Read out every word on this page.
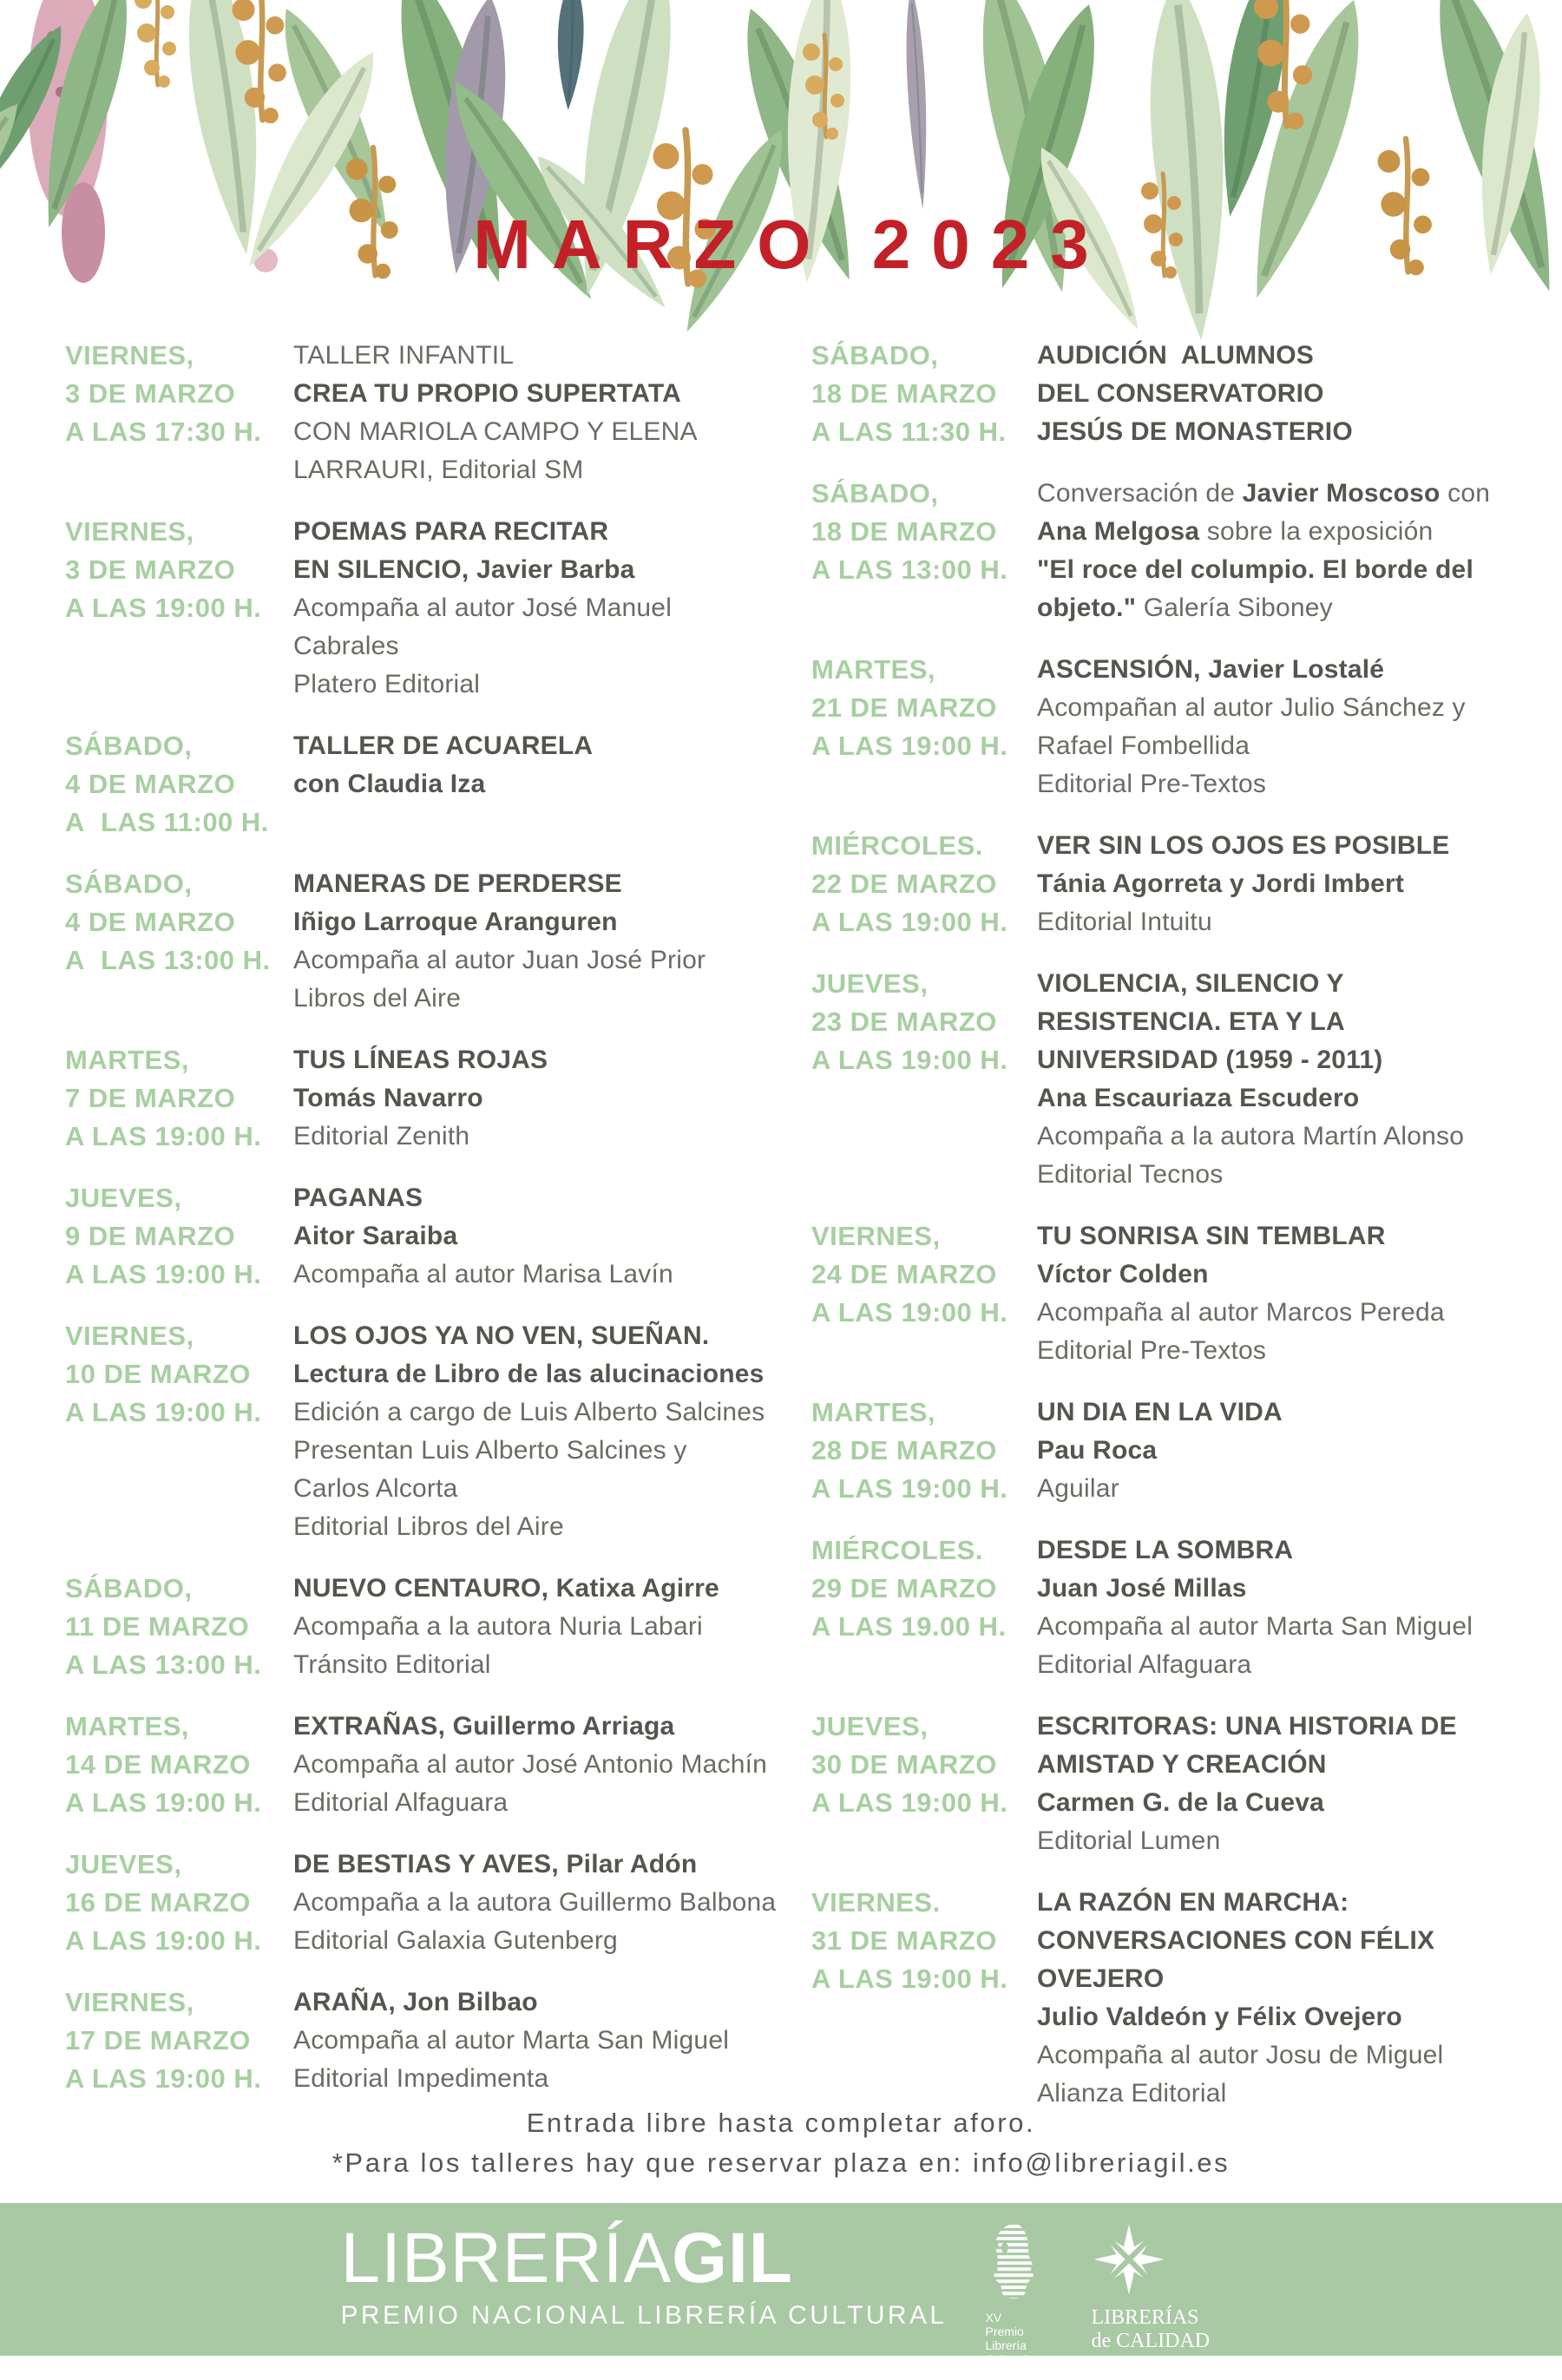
MARZO 2023
VIERNES,
3 DE MARZO
A LAS 17:30 H.
TALLER INFANTIL
CREA TU PROPIO SUPERTATA
CON MARIOLA CAMPO Y ELENA
LARRAURI, Editorial SM
VIERNES,
3 DE MARZO
A LAS 19:00 H.
POEMAS PARA RECITAR
EN SILENCIO, Javier Barba
Acompaña al autor José Manuel
Cabrales
Platero Editorial
SÁBADO,
4 DE MARZO
A  LAS 11:00 H.
TALLER DE ACUARELA
con Claudia Iza
SÁBADO,
4 DE MARZO
A  LAS 13:00 H.
MANERAS DE PERDERSE
Iñigo Larroque Aranguren
Acompaña al autor Juan José Prior
Libros del Aire
MARTES,
7 DE MARZO
A LAS 19:00 H.
TUS LÍNEAS ROJAS
Tomás Navarro
Editorial Zenith
JUEVES,
9 DE MARZO
A LAS 19:00 H.
PAGANAS
Aitor Saraiba
Acompaña al autor Marisa Lavín
VIERNES,
10 DE MARZO
A LAS 19:00 H.
LOS OJOS YA NO VEN, SUEÑAN.
Lectura de Libro de las alucinaciones
Edición a cargo de Luis Alberto Salcines
Presentan Luis Alberto Salcines y
Carlos Alcorta
Editorial Libros del Aire
SÁBADO,
11 DE MARZO
A LAS 13:00 H.
NUEVO CENTAURO, Katixa Agirre
Acompaña a la autora Nuria Labari
Tránsito Editorial
MARTES,
14 DE MARZO
A LAS 19:00 H.
EXTRAÑAS, Guillermo Arriaga
Acompaña al autor José Antonio Machín
Editorial Alfaguara
JUEVES,
16 DE MARZO
A LAS 19:00 H.
DE BESTIAS Y AVES, Pilar Adón
Acompaña a la autora Guillermo Balbona
Editorial Galaxia Gutenberg
VIERNES,
17 DE MARZO
A LAS 19:00 H.
ARAÑA, Jon Bilbao
Acompaña al autor Marta San Miguel
Editorial Impedimenta
SÁBADO,
18 DE MARZO
A LAS 11:30 H.
AUDICIÓN  ALUMNOS
DEL CONSERVATORIO
JESÚS DE MONASTERIO
SÁBADO,
18 DE MARZO
A LAS 13:00 H.
Conversación de Javier Moscoso con
Ana Melgosa sobre la exposición
"El roce del columpio. El borde del
objeto." Galería Siboney
MARTES,
21 DE MARZO
A LAS 19:00 H.
ASCENSIÓN, Javier Lostalé
Acompañan al autor Julio Sánchez y
Rafael Fombellida
Editorial Pre-Textos
MIÉRCOLES.
22 DE MARZO
A LAS 19:00 H.
VER SIN LOS OJOS ES POSIBLE
Tánia Agorreta y Jordi Imbert
Editorial Intuitu
JUEVES,
23 DE MARZO
A LAS 19:00 H.
VIOLENCIA, SILENCIO Y
RESISTENCIA. ETA Y LA
UNIVERSIDAD (1959 - 2011)
Ana Escauriaza Escudero
Acompaña a la autora Martín Alonso
Editorial Tecnos
VIERNES,
24 DE MARZO
A LAS 19:00 H.
TU SONRISA SIN TEMBLAR
Víctor Colden
Acompaña al autor Marcos Pereda
Editorial Pre-Textos
MARTES,
28 DE MARZO
A LAS 19:00 H.
UN DIA EN LA VIDA
Pau Roca
Aguilar
MIÉRCOLES.
29 DE MARZO
A LAS 19.00 H.
DESDE LA SOMBRA
Juan José Millas
Acompaña al autor Marta San Miguel
Editorial Alfaguara
JUEVES,
30 DE MARZO
A LAS 19:00 H.
ESCRITORAS: UNA HISTORIA DE
AMISTAD Y CREACIÓN
Carmen G. de la Cueva
Editorial Lumen
VIERNES.
31 DE MARZO
A LAS 19:00 H.
LA RAZÓN EN MARCHA:
CONVERSACIONES CON FÉLIX
OVEJERO
Julio Valdeón y Félix Ovejero
Acompaña al autor Josu de Miguel
Alianza Editorial
Entrada libre hasta completar aforo.
*Para los talleres hay que reservar plaza en: info@libreriagil.es
LIBRERÍAGIL
PREMIO NACIONAL LIBRERÍA CULTURAL	XV
Premio
Librería Cultural
2013
LIBRERÍAS
de CALIDAD
